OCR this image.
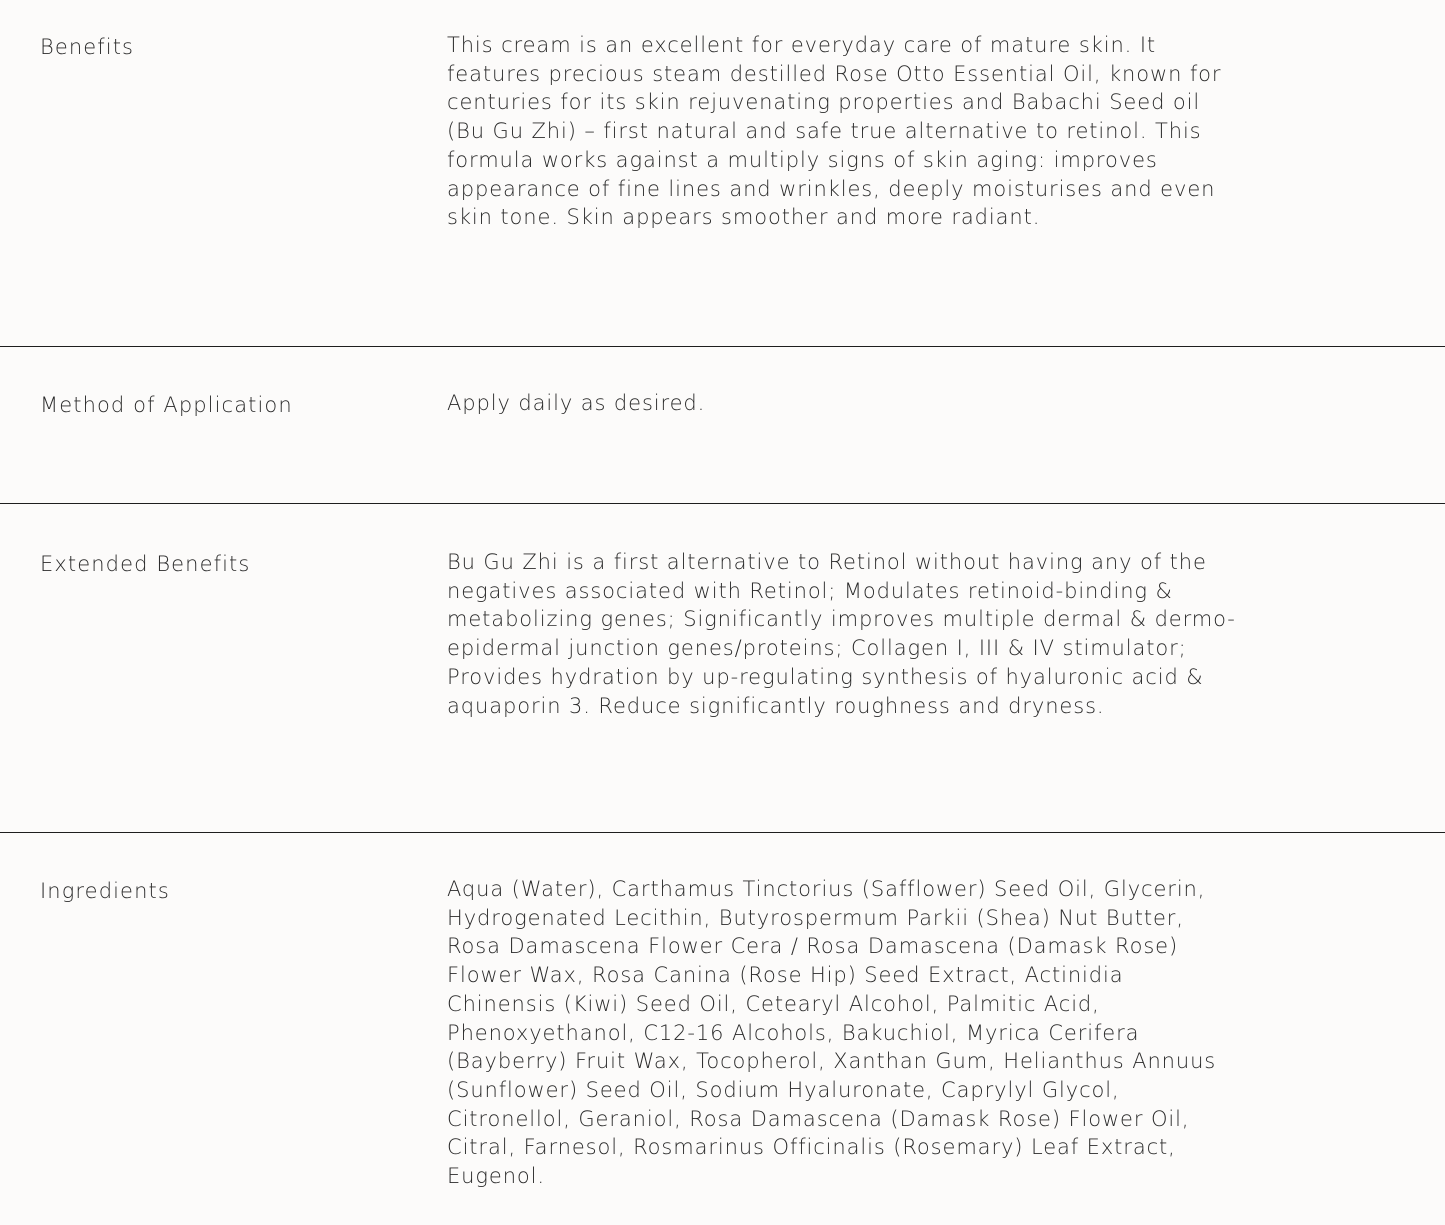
Benefits	This cream is an excellent for everyday care of mature skin. It features precious steam destilled Rose Otto Essential Oil, known for centuries for its skin rejuvenating properties and Babachi Seed oil (Bu Gu Zhi) – first natural and safe true alternative to retinol. This formula works against a multiply signs of skin aging: improves appearance of fine lines and wrinkles, deeply moisturises and even skin tone. Skin appears smoother and more radiant.
Method of Application	Apply daily as desired.
Extended Benefits	Bu Gu Zhi is a first alternative to Retinol without having any of the negatives associated with Retinol; Modulates retinoid-binding & metabolizing genes; Significantly improves multiple dermal & dermo-epidermal junction genes/proteins; Collagen I, III & IV stimulator; Provides hydration by up-regulating synthesis of hyaluronic acid & aquaporin 3. Reduce significantly roughness and dryness.
Ingredients	Aqua (Water), Carthamus Tinctorius (Safflower) Seed Oil, Glycerin, Hydrogenated Lecithin, Butyrospermum Parkii (Shea) Nut Butter, Rosa Damascena Flower Cera / Rosa Damascena (Damask Rose) Flower Wax, Rosa Canina (Rose Hip) Seed Extract, Actinidia Chinensis (Kiwi) Seed Oil, Cetearyl Alcohol, Palmitic Acid, Phenoxyethanol, C12-16 Alcohols, Bakuchiol, Myrica Cerifera (Bayberry) Fruit Wax, Tocopherol, Xanthan Gum, Helianthus Annuus (Sunflower) Seed Oil, Sodium Hyaluronate, Caprylyl Glycol, Citronellol, Geraniol, Rosa Damascena (Damask Rose) Flower Oil, Citral, Farnesol, Rosmarinus Officinalis (Rosemary) Leaf Extract, Eugenol.
